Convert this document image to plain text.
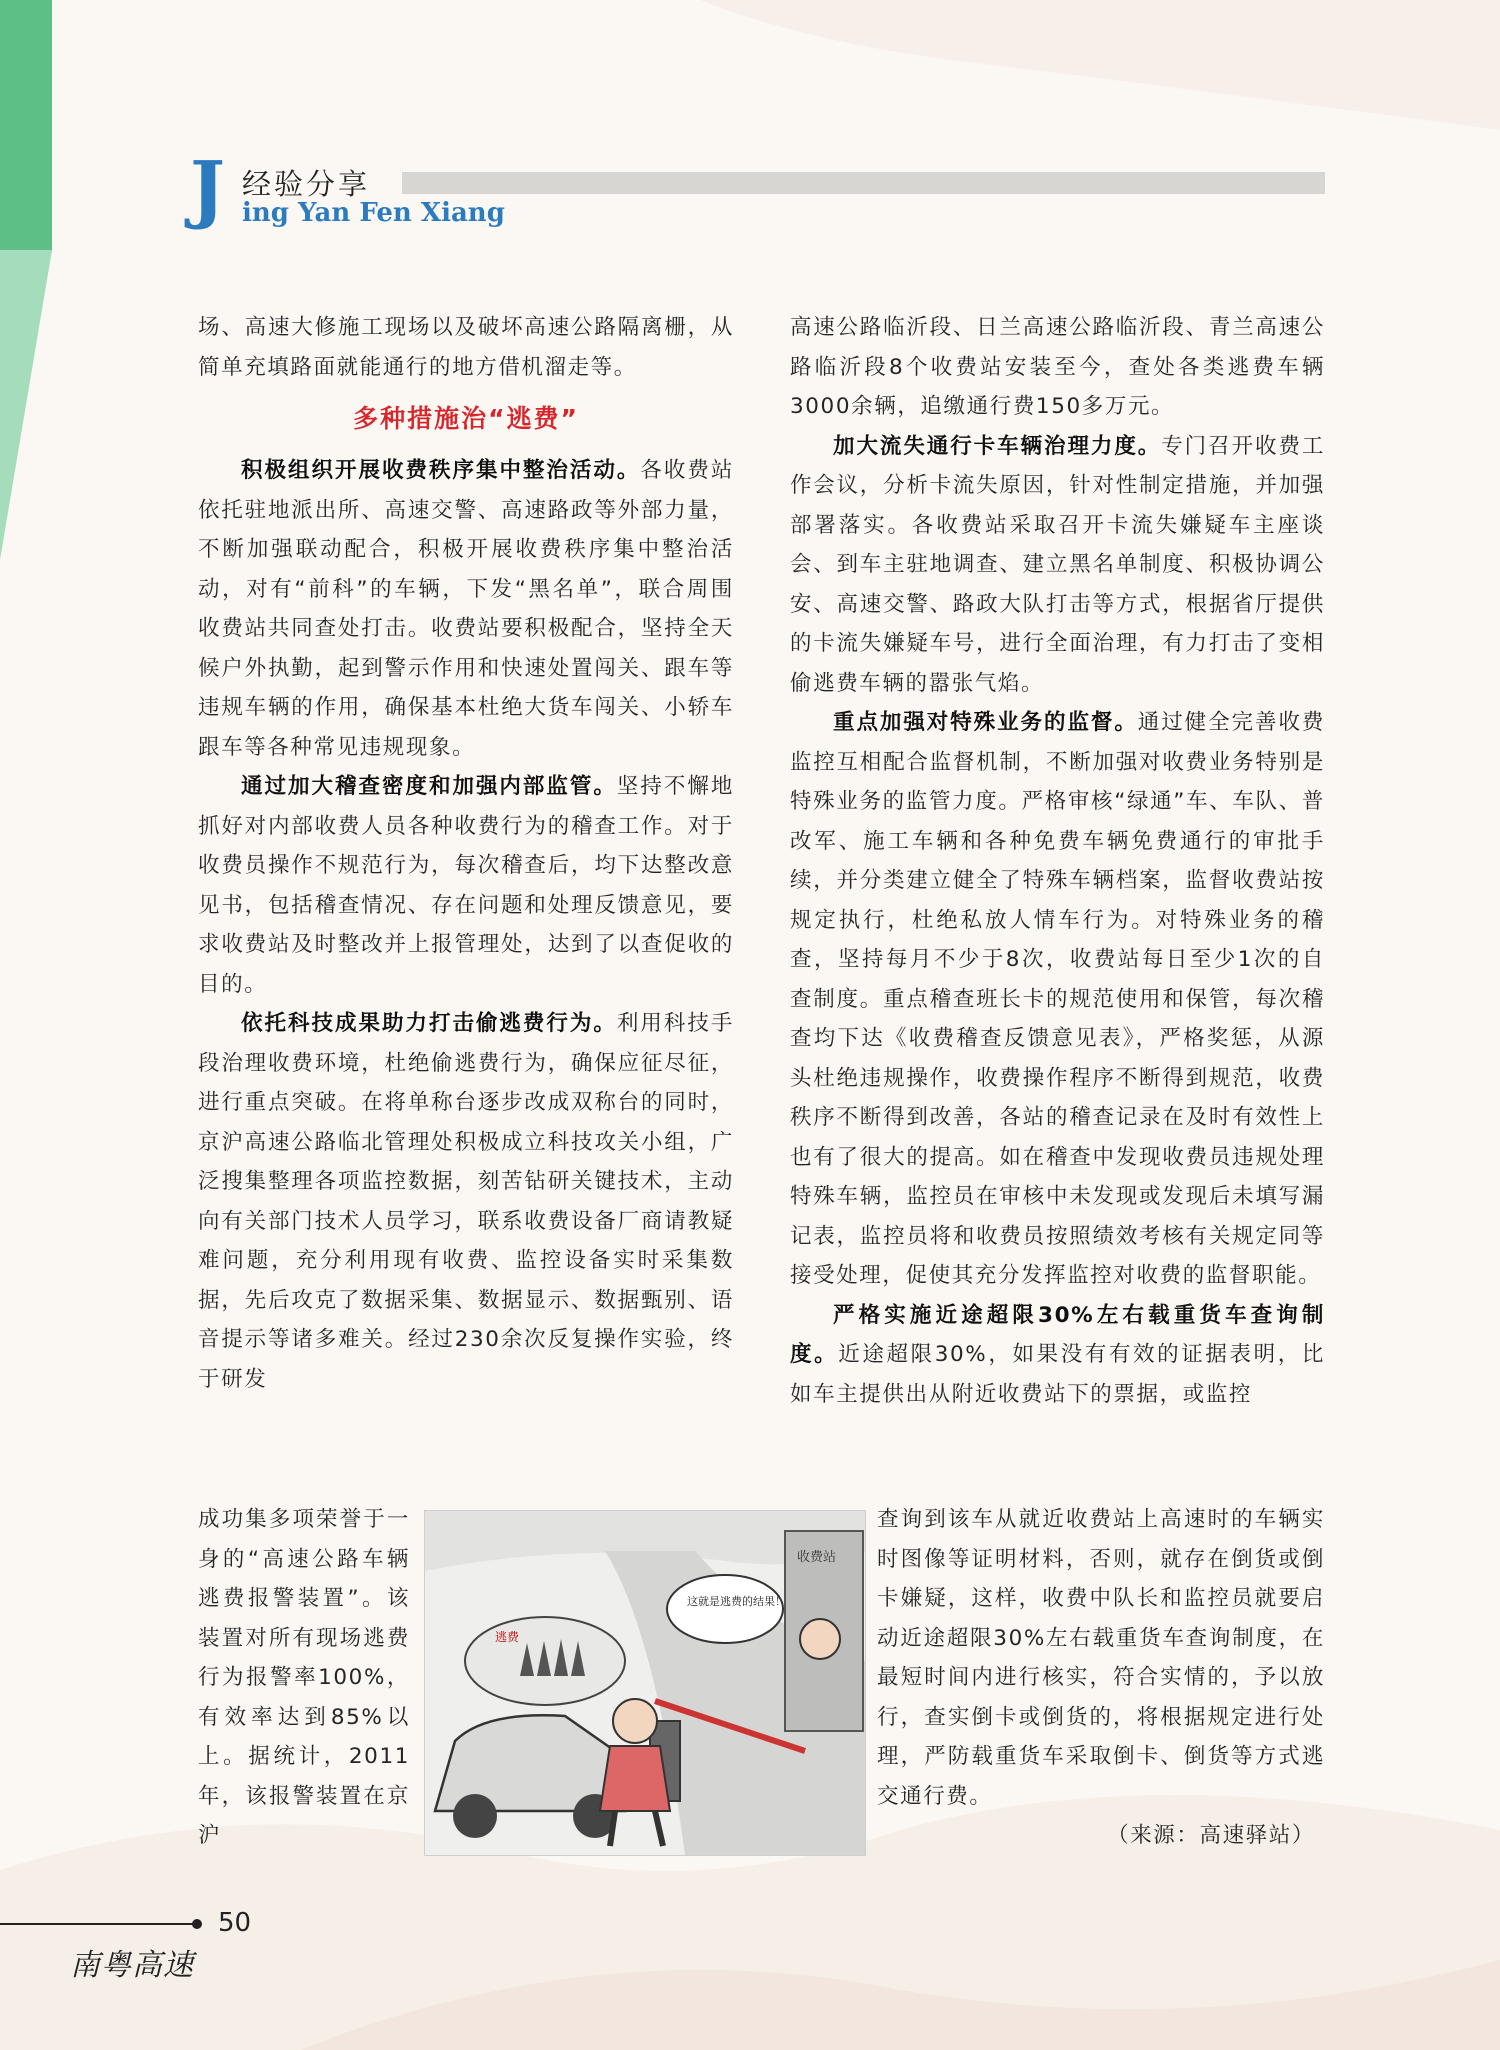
J 经验分享
ing Yan Fen Xiang

场、高速大修施工现场以及破坏高速公路隔离栅，从简单充填路面就能通行的地方借机溜走等。

多种措施治“逃费”

积极组织开展收费秩序集中整治活动。各收费站依托驻地派出所、高速交警、高速路政等外部力量，不断加强联动配合，积极开展收费秩序集中整治活动，对有“前科”的车辆，下发“黑名单”，联合周围收费站共同查处打击。收费站要积极配合，坚持全天候户外执勤，起到警示作用和快速处置闯关、跟车等违规车辆的作用，确保基本杜绝大货车闯关、小轿车跟车等各种常见违规现象。

通过加大稽查密度和加强内部监管。坚持不懈地抓好对内部收费人员各种收费行为的稽查工作。对于收费员操作不规范行为，每次稽查后，均下达整改意见书，包括稽查情况、存在问题和处理反馈意见，要求收费站及时整改并上报管理处，达到了以查促收的目的。

依托科技成果助力打击偷逃费行为。利用科技手段治理收费环境，杜绝偷逃费行为，确保应征尽征，进行重点突破。在将单称台逐步改成双称台的同时，京沪高速公路临北管理处积极成立科技攻关小组，广泛搜集整理各项监控数据，刻苦钻研关键技术，主动向有关部门技术人员学习，联系收费设备厂商请教疑难问题，充分利用现有收费、监控设备实时采集数据，先后攻克了数据采集、数据显示、数据甄别、语音提示等诸多难关。经过230余次反复操作实验，终于研发

成功集多项荣誉于一身的“高速公路车辆逃费报警装置”。该装置对所有现场逃费行为报警率100%，有效率达到85%以上。据统计，2011年，该报警装置在京沪

高速公路临沂段、日兰高速公路临沂段、青兰高速公路临沂段8个收费站安装至今，查处各类逃费车辆3000余辆，追缴通行费150多万元。

加大流失通行卡车辆治理力度。专门召开收费工作会议，分析卡流失原因，针对性制定措施，并加强部署落实。各收费站采取召开卡流失嫌疑车主座谈会、到车主驻地调查、建立黑名单制度、积极协调公安、高速交警、路政大队打击等方式，根据省厅提供的卡流失嫌疑车号，进行全面治理，有力打击了变相偷逃费车辆的嚣张气焰。

重点加强对特殊业务的监督。通过健全完善收费监控互相配合监督机制，不断加强对收费业务特别是特殊业务的监管力度。严格审核“绿通”车、车队、普改军、施工车辆和各种免费车辆免费通行的审批手续，并分类建立健全了特殊车辆档案，监督收费站按规定执行，杜绝私放人情车行为。对特殊业务的稽查，坚持每月不少于8次，收费站每日至少1次的自查制度。重点稽查班长卡的规范使用和保管，每次稽查均下达《收费稽查反馈意见表》，严格奖惩，从源头杜绝违规操作，收费操作程序不断得到规范，收费秩序不断得到改善，各站的稽查记录在及时有效性上也有了很大的提高。如在稽查中发现收费员违规处理特殊车辆，监控员在审核中未发现或发现后未填写漏记表，监控员将和收费员按照绩效考核有关规定同等接受处理，促使其充分发挥监控对收费的监督职能。

严格实施近途超限30%左右载重货车查询制度。近途超限30%，如果没有有效的证据表明，比如车主提供出从附近收费站下的票据，或监控

查询到该车从就近收费站上高速时的车辆实时图像等证明材料，否则，就存在倒货或倒卡嫌疑，这样，收费中队长和监控员就要启动近途超限30%左右载重货车查询制度，在最短时间内进行核实，符合实情的，予以放行，查实倒卡或倒货的，将根据规定进行处理，严防载重货车采取倒卡、倒货等方式逃交通行费。

（来源：高速驿站）

收费站
这就是逃费的结果！
逃费
50
南粤高速
